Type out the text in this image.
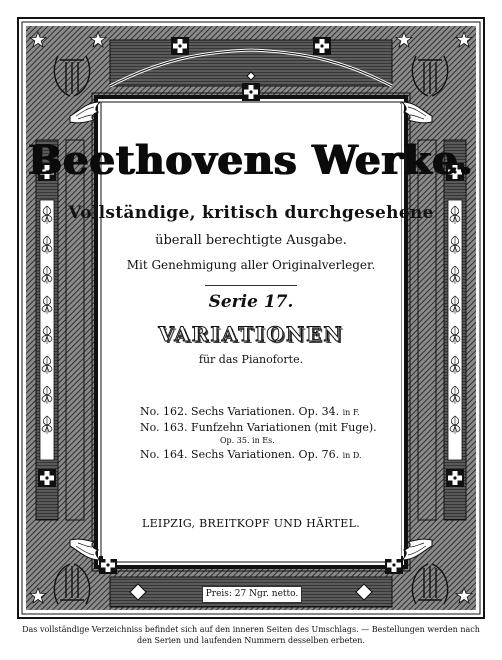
Beethovens Werke.
Vollständige, kritisch durchgesehene
überall berechtigte Ausgabe.
Mit Genehmigung aller Originalverleger.
Serie 17.
VARIATIONEN
für das Pianoforte.
No. 162. Sechs Variationen. Op. 34. in F.
No. 163. Funfzehn Variationen (mit Fuge).
Op. 35. in Es.
No. 164. Sechs Variationen. Op. 76. in D.
LEIPZIG, BREITKOPF UND HÄRTEL.
Preis: 27 Ngr. netto.
Das vollständige Verzeichniss befindet sich auf den inneren Seiten des Umschlags. — Bestellungen werden nach
den Serien und laufenden Nummern desselben erbeten.
